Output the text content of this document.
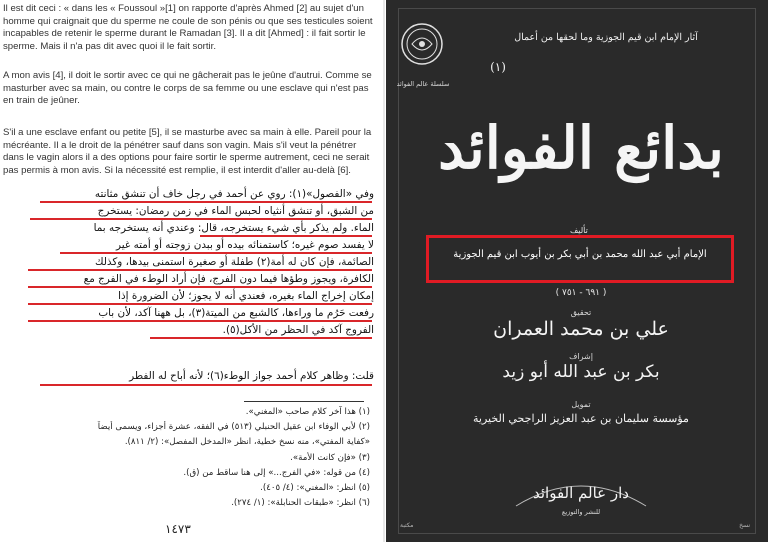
Il est dit ceci : « dans les « Foussoul »[1] on rapporte d'après Ahmed [2] au sujet d'un homme qui craignait que du sperme ne coule de son pénis ou que ses testicules soient incapables de retenir le sperme durant le Ramadan [3]. Il a dit [Ahmed] : il fait sortir le sperme. Mais il n'a pas dit avec quoi il le fait sortir.

A mon avis [4], il doit le sortir avec ce qui ne gâcherait pas le jeûne d'autrui. Comme se masturber avec sa main, ou contre le corps de sa femme ou une esclave qui n'est pas en train de jeûner.

S'il a une esclave enfant ou petite [5], il se masturbe avec sa main à elle. Pareil pour la mécréante. Il a le droit de la pénétrer sauf dans son vagin. Mais s'il veut la pénétrer dans le vagin alors il a des options pour faire sortir le sperme autrement, ceci ne serait pas permis à mon avis. Si la nécessité est remplie, il est interdit d'aller au-delà [6].

وفي «الفصول»(١): روي عن أحمد في رجل خاف أن تنشق مثانته
من الشبق، أو تنشق أنثياه لحبس الماء في زمن رمضان: يستخرج
الماء. ولم يذكر بأي شيء يستخرجه، قال: وعندي أنه يستخرجه بما
لا يفسد صوم غيره؛ كاستمنائه بيده أو ببدن زوجته أو أمته غير
الصائمة، فإن كان له أمة(٢) طفلة أو صغيرة استمنى بيدها، وكذلك
الكافرة، ويجوز وطؤها فيما دون الفرج، فإن أراد الوطء في الفرج مع
إمكان إخراج الماء بغيره، فعندي أنه لا يجوز؛ لأن الضرورة إذا
رفعت حَرُم ما وراءها، كالشبع من الميتة(٣)، بل ههنا آكد، لأن باب
الفروج آكد في الحظر من الأكل(٥).
قلت: وظاهر كلام أحمد جواز الوطء(٦)؛ لأنه أباح له الفطر
(١) هذا آخر كلام صاحب «المغني».
(٢) لأبي الوفاء ابن عقيل الحنبلي (٥١٣) في الفقه، عشرة أجزاء، ويسمى أيضاً
«كفاية المفتي»، منه نسخ خطية، انظر «المدخل المفصل»: (٢/ ٨١١).
(٣) «فإن كانت الأمة».
(٤) من قوله: «في الفرج...» إلى هنا ساقط من (ق).
(٥) انظر: «المغني»: (٤/ ٤٠٥).
(٦) انظر: «طبقات الحنابلة»: (١/ ٢٧٤).
١٤٧٣
سلسلة عالم الفوائد
آثار الإمام ابن قيم الجوزية وما لحقها من أعمال
(١)
بدائع الفوائد
تأليف
الإمام أبي عبد الله محمد بن أبي بكر بن أيوب ابن قيم الجوزية
( ٦٩١ - ٧٥١ )
تحقيق
علي بن محمد العمران
إشراف
بكر بن عبد الله أبو زيد
تمويل
مؤسسة سليمان بن عبد العزيز الراجحي الخيرية
دار عالم الفوائد
للنشر والتوزيع
مكتبة	نسخ
